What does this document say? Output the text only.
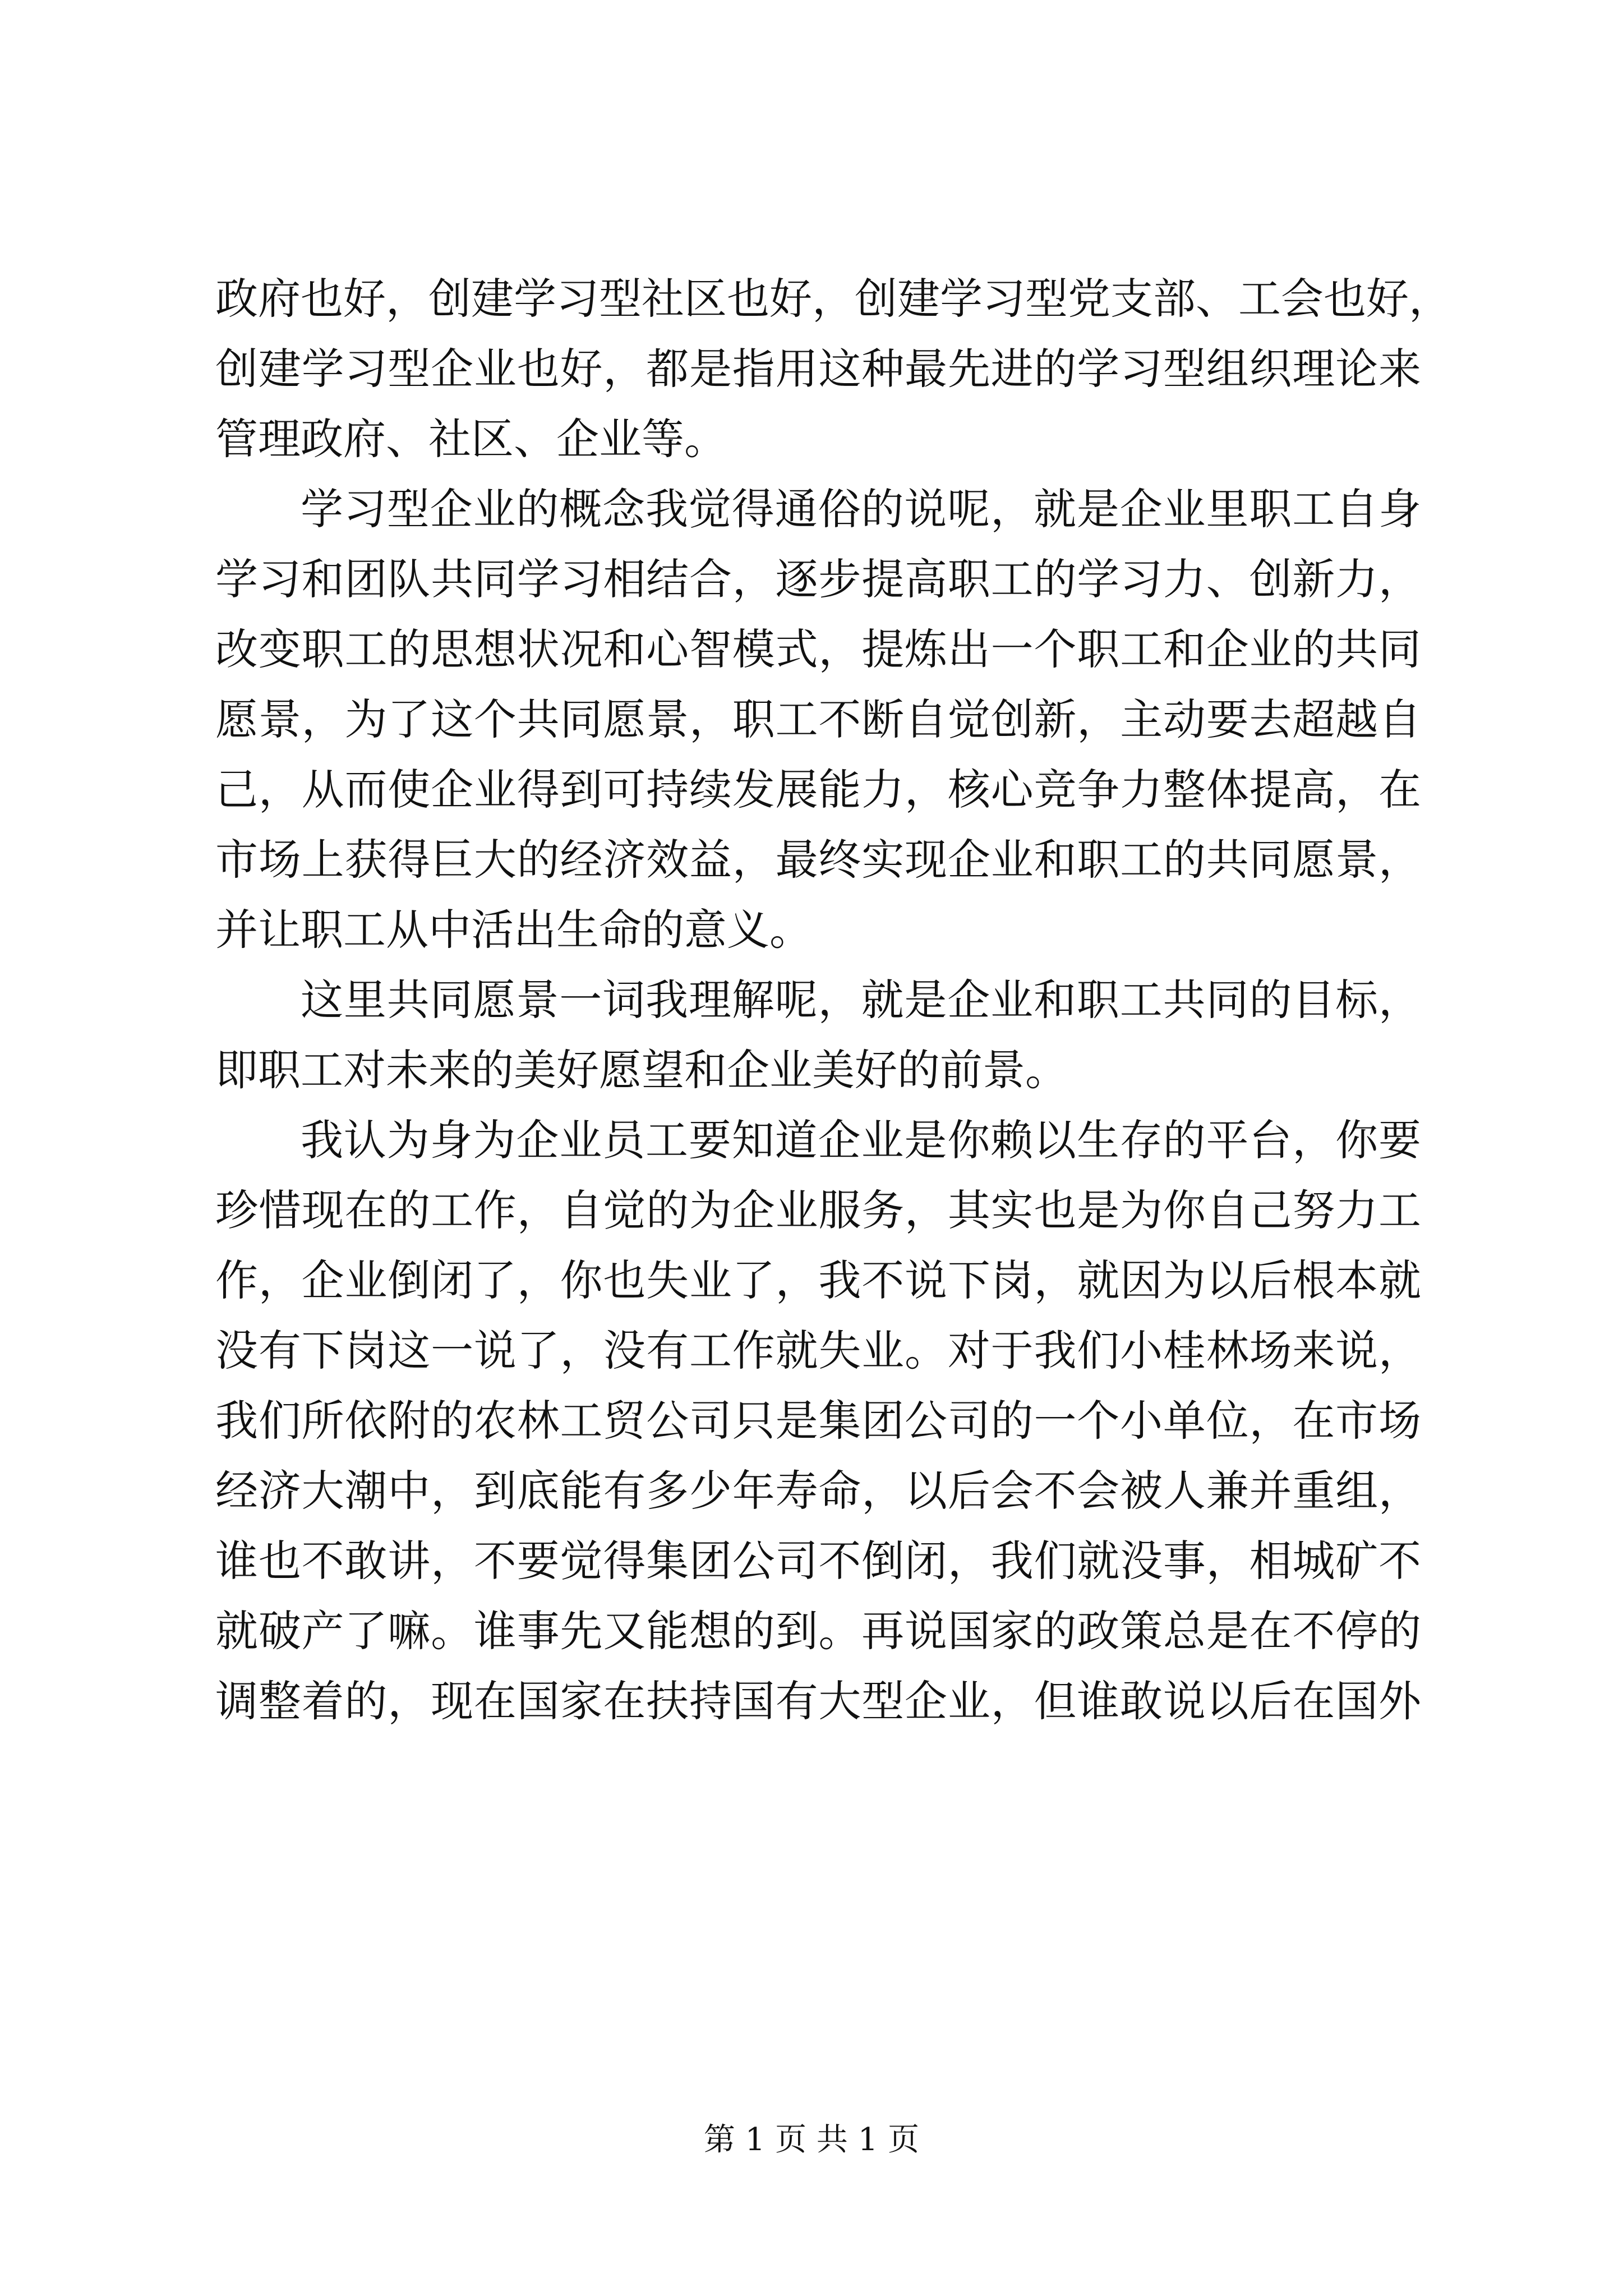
政府也好，创建学习型社区也好，创建学习型党支部、工会也好，
创建学习型企业也好，都是指用这种最先进的学习型组织理论来
管理政府、社区、企业等。
学习型企业的概念我觉得通俗的说呢，就是企业里职工自身
学习和团队共同学习相结合，逐步提高职工的学习力、创新力，
改变职工的思想状况和心智模式，提炼出一个职工和企业的共同
愿景，为了这个共同愿景，职工不断自觉创新，主动要去超越自
己，从而使企业得到可持续发展能力，核心竞争力整体提高，在
市场上获得巨大的经济效益，最终实现企业和职工的共同愿景，
并让职工从中活出生命的意义。
这里共同愿景一词我理解呢，就是企业和职工共同的目标，
即职工对未来的美好愿望和企业美好的前景。
我认为身为企业员工要知道企业是你赖以生存的平台，你要
珍惜现在的工作，自觉的为企业服务，其实也是为你自己努力工
作，企业倒闭了，你也失业了，我不说下岗，就因为以后根本就
没有下岗这一说了，没有工作就失业。对于我们小桂林场来说，
我们所依附的农林工贸公司只是集团公司的一个小单位，在市场
经济大潮中，到底能有多少年寿命，以后会不会被人兼并重组，
谁也不敢讲，不要觉得集团公司不倒闭，我们就没事，相城矿不
就破产了嘛。谁事先又能想的到。再说国家的政策总是在不停的
调整着的，现在国家在扶持国有大型企业，但谁敢说以后在国外
第 1 页 共 1 页
